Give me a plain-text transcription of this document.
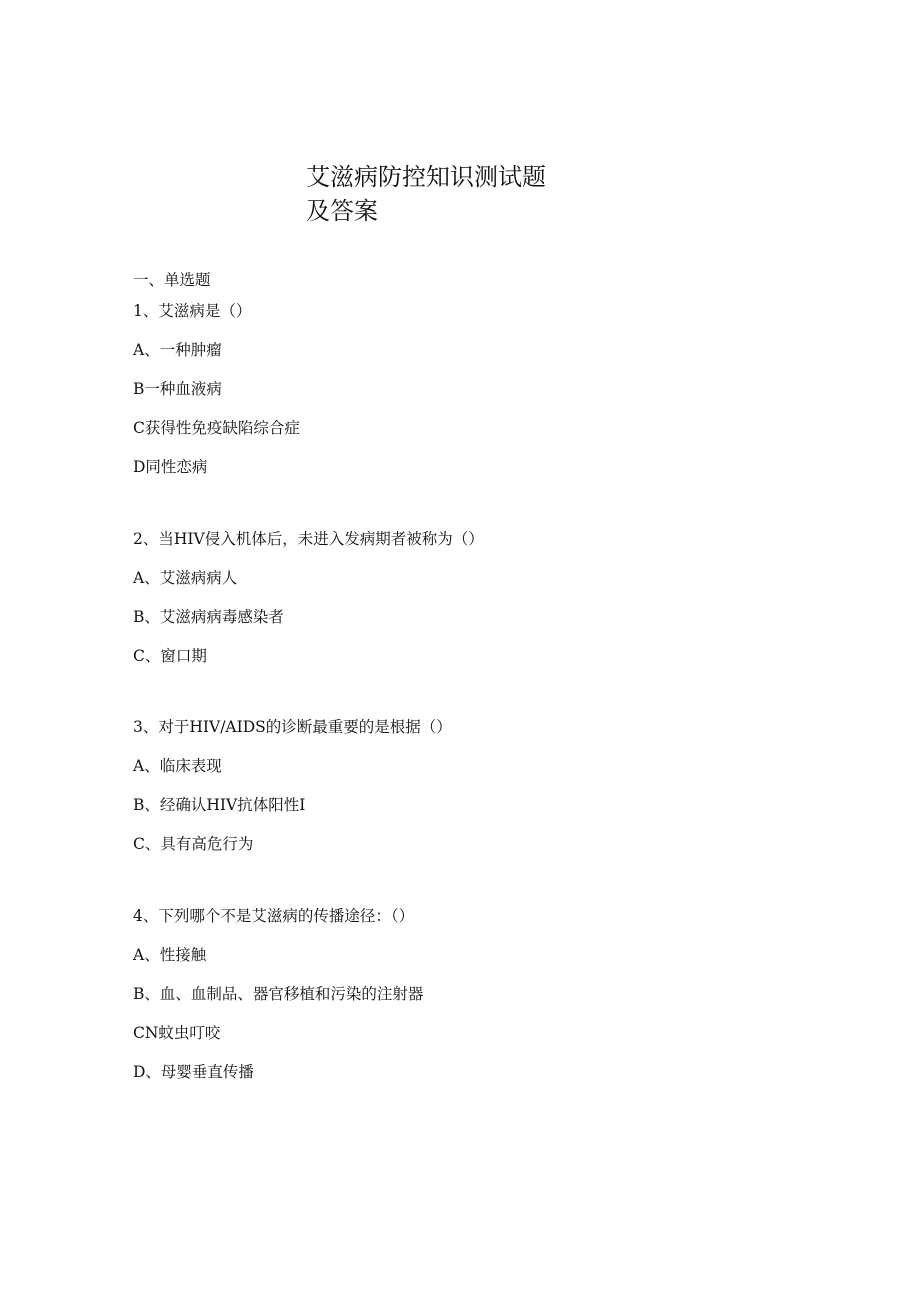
艾滋病防控知识测试题
及答案
一、单选题
1、艾滋病是（）
A、一种肿瘤
B一种血液病
C获得性免疫缺陷综合症
D同性恋病
2、当HIV侵入机体后，未进入发病期者被称为（）
A、艾滋病病人
B、艾滋病病毒感染者
C、窗口期
3、对于HIV/AIDS的诊断最重要的是根据（）
A、临床表现
B、经确认HIV抗体阳性I
C、具有高危行为
4、下列哪个不是艾滋病的传播途径：（）
A、性接触
B、血、血制品、器官移植和污染的注射器
CN蚊虫叮咬
D、母婴垂直传播
